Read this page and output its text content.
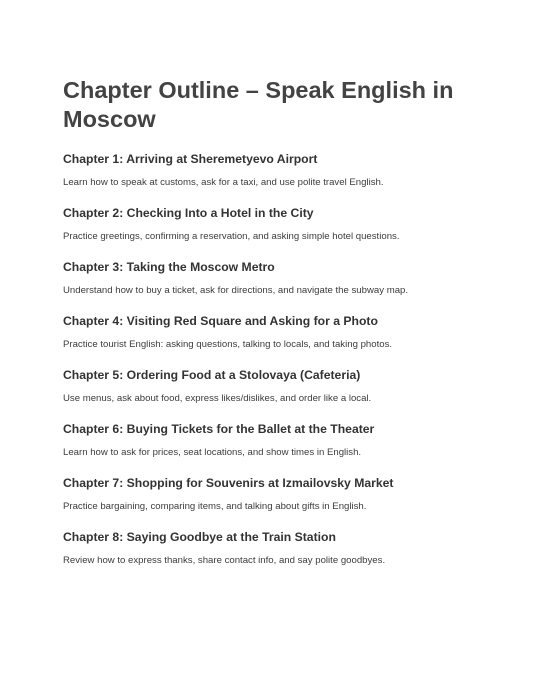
Chapter Outline – Speak English in Moscow

Chapter 1: Arriving at Sheremetyevo Airport

Learn how to speak at customs, ask for a taxi, and use polite travel English.

Chapter 2: Checking Into a Hotel in the City

Practice greetings, confirming a reservation, and asking simple hotel questions.

Chapter 3: Taking the Moscow Metro

Understand how to buy a ticket, ask for directions, and navigate the subway map.

Chapter 4: Visiting Red Square and Asking for a Photo

Practice tourist English: asking questions, talking to locals, and taking photos.

Chapter 5: Ordering Food at a Stolovaya (Cafeteria)

Use menus, ask about food, express likes/dislikes, and order like a local.

Chapter 6: Buying Tickets for the Ballet at the Theater

Learn how to ask for prices, seat locations, and show times in English.

Chapter 7: Shopping for Souvenirs at Izmailovsky Market

Practice bargaining, comparing items, and talking about gifts in English.

Chapter 8: Saying Goodbye at the Train Station

Review how to express thanks, share contact info, and say polite goodbyes.
